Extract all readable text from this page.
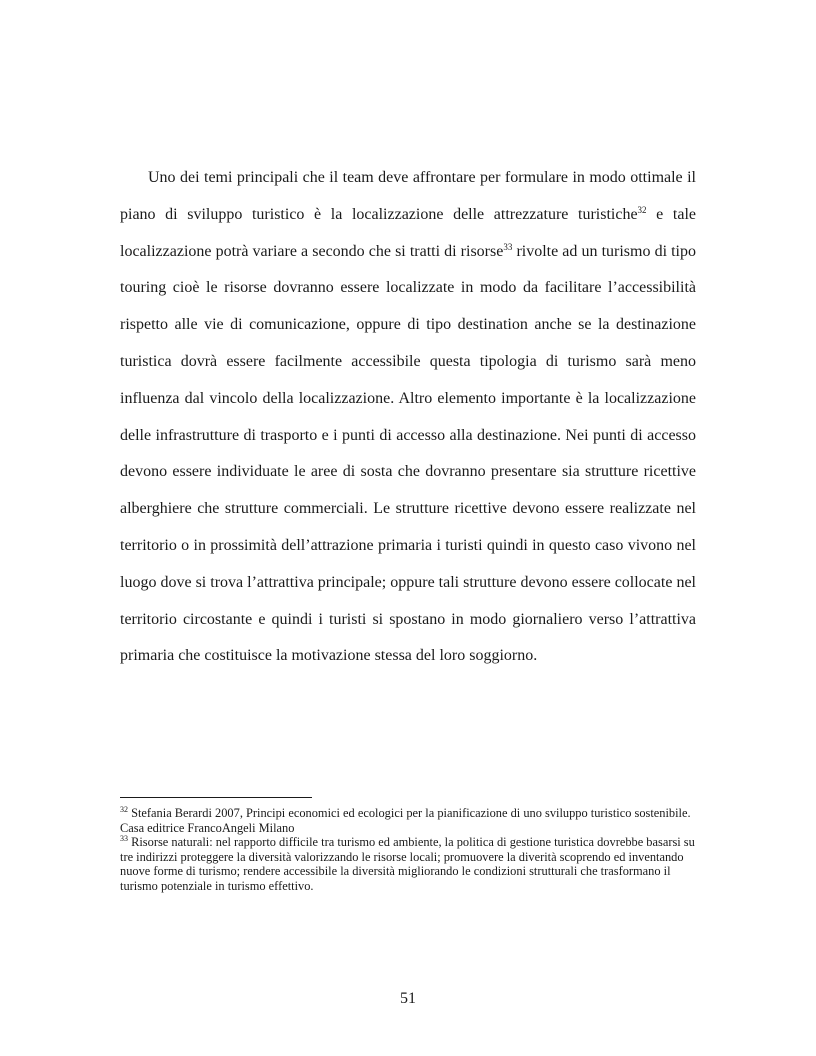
Uno dei temi principali che il team deve affrontare per formulare in modo ottimale il piano di sviluppo turistico è la localizzazione delle attrezzature turistiche$^{32}$ e tale localizzazione potrà variare a secondo che si tratti di risorse$^{33}$ rivolte ad un turismo di tipo touring cioè le risorse dovranno essere localizzate in modo da facilitare l’accessibilità rispetto alle vie di comunicazione, oppure di tipo destination anche se la destinazione turistica dovrà essere facilmente accessibile questa tipologia di turismo sarà meno influenza dal vincolo della localizzazione. Altro elemento importante è la localizzazione delle infrastrutture di trasporto e i punti di accesso alla destinazione. Nei punti di accesso devono essere individuate le aree di sosta che dovranno presentare sia strutture ricettive alberghiere che strutture commerciali. Le strutture ricettive devono essere realizzate nel territorio o in prossimità dell’attrazione primaria i turisti quindi in questo caso vivono nel luogo dove si trova l’attrattiva principale; oppure tali strutture devono essere collocate nel territorio circostante e quindi i turisti si spostano in modo giornaliero verso l’attrattiva primaria che costituisce la motivazione stessa del loro soggiorno.

$^{32}$ Stefania Berardi 2007, Principi economici ed ecologici per la pianificazione di uno sviluppo turistico sostenibile. Casa editrice FrancoAngeli Milano

$^{33}$ Risorse naturali: nel rapporto difficile tra turismo ed ambiente, la politica di gestione turistica dovrebbe basarsi su tre indirizzi proteggere la diversità valorizzando le risorse locali; promuovere la diverità scoprendo ed inventando nuove forme di turismo; rendere accessibile la diversità migliorando le condizioni strutturali che trasformano il turismo potenziale in turismo effettivo.

51
